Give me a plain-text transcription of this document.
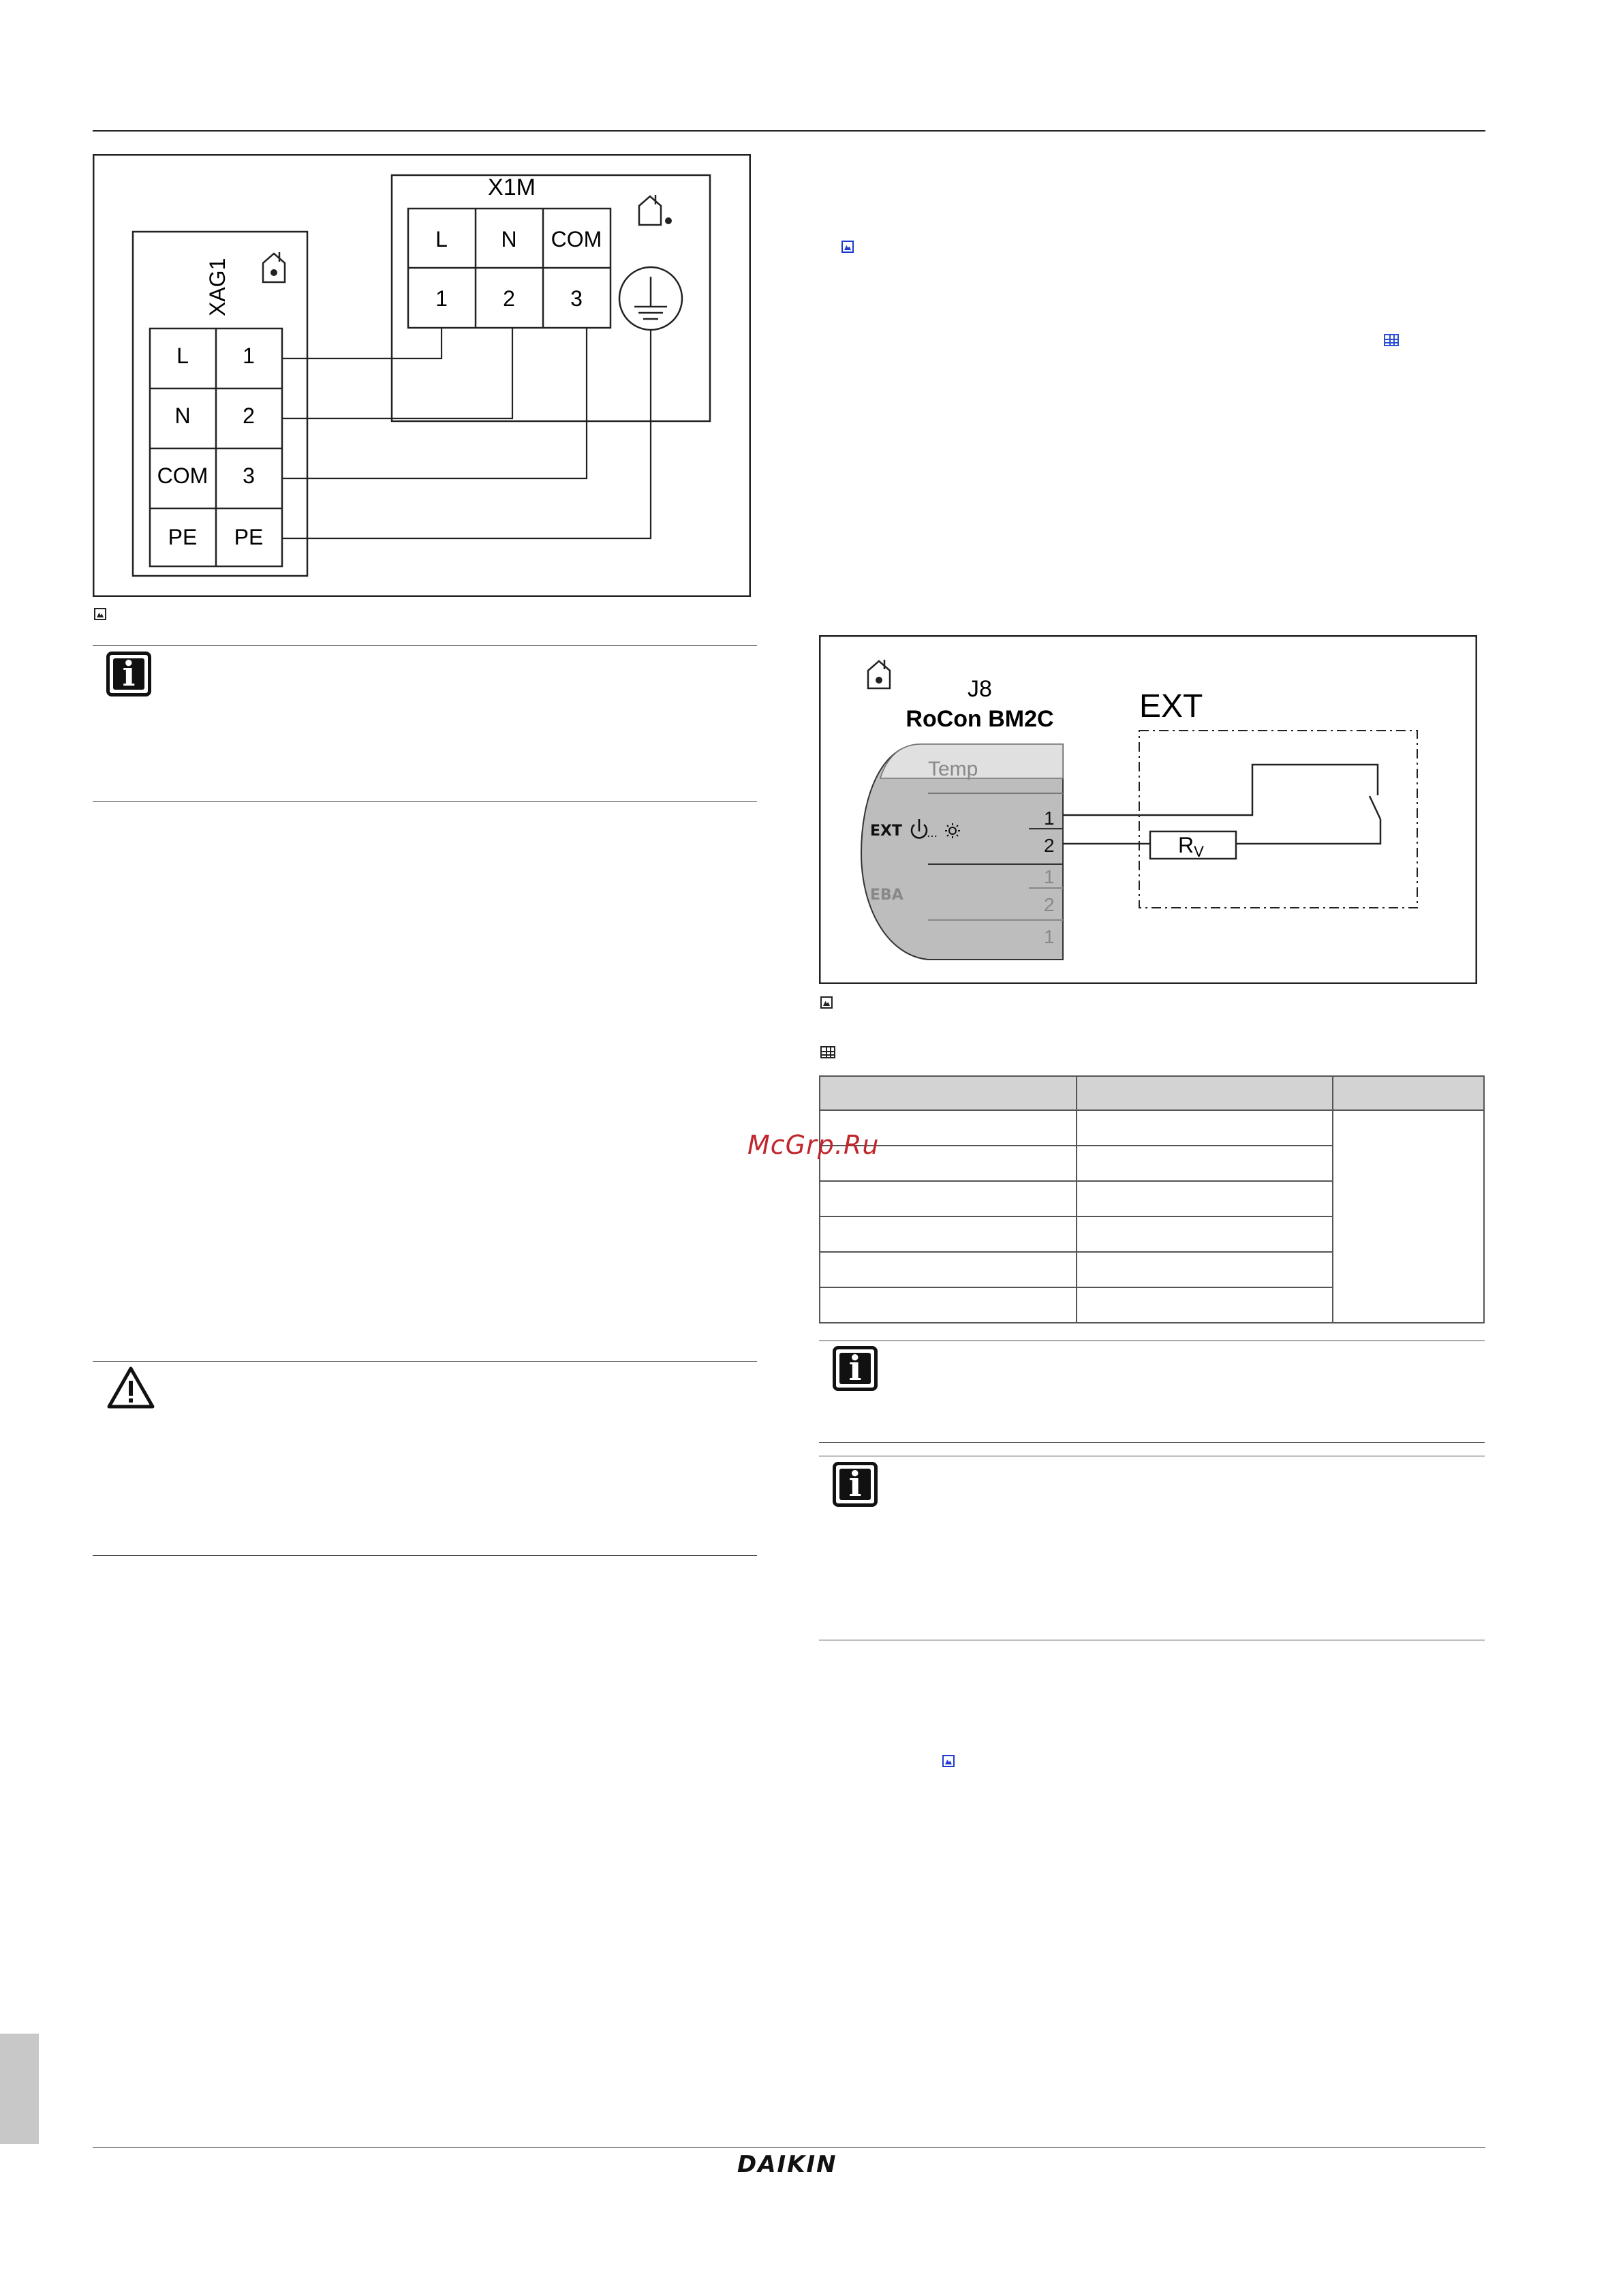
X1M
L N COM
1	2	3
XAG1
L 1
N 2
COM 3
PE PE
i
J8
RoCon BM2C	EXT
Temp
EXT …
1
2
EBA
1
2
1
RV

McGrp.Ru
i
i
DAIKIN
